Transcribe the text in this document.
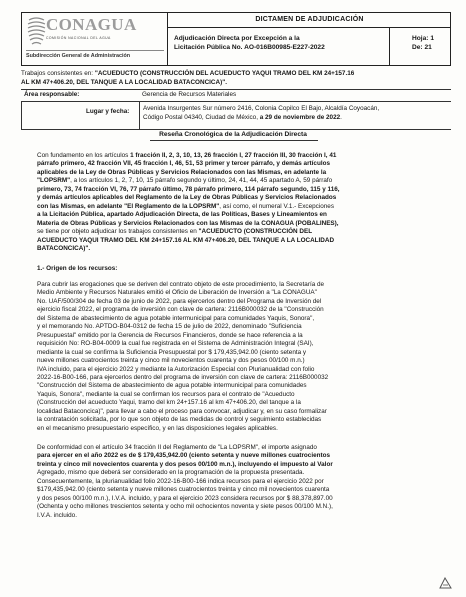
CONAGUA
COMISIÓN NACIONAL DEL AGUA
Subdirección General de Administración
DICTAMEN DE ADJUDICACIÓN
Adjudicación Directa por Excepción a la
Licitación Pública No. AO-016B00985-E227-2022
Hoja: 1
De: 21
Trabajos consistentes en: "ACUEDUCTO (CONSTRUCCIÓN DEL ACUEDUCTO YAQUI TRAMO DEL KM 24+157.16
AL KM 47+406.20, DEL TANQUE A LA LOCALIDAD BATACONCICA)".
Área responsable:	Gerencia de Recursos Materiales
Lugar y fecha: Avenida Insurgentes Sur número 2416, Colonia Copilco El Bajo, Alcaldía Coyoacán,
Código Postal 04340, Ciudad de México, a 29 de noviembre de 2022.
Reseña Cronológica de la Adjudicación Directa
Con fundamento en los artículos 1 fracción II, 2, 3, 10, 13, 26 fracción I, 27 fracción III, 30 fracción I, 41
párrafo primero, 42 fracción VII, 45 fracción I, 46, 51, 53 primer y tercer párrafo, y demás artículos
aplicables de la Ley de Obras Públicas y Servicios Relacionados con las Mismas, en adelante la
"LOPSRM", a los artículos 1, 2, 7, 10, 15 párrafo segundo y último, 24, 41, 44, 45 apartado A, 59 párrafo
primero, 73, 74 fracción VI, 76, 77 párrafo último, 78 párrafo primero, 114 párrafo segundo, 115 y 116,
y demás artículos aplicables del Reglamento de la Ley de Obras Públicas y Servicios Relacionados
con las Mismas, en adelante "El Reglamento de la LOPSRM", así como, el numeral V.1.- Excepciones
a la Licitación Pública, apartado Adjudicación Directa, de las Políticas, Bases y Lineamientos en
Materia de Obras Públicas y Servicios Relacionados con las Mismas de la CONAGUA (POBALINES),
se tiene por objeto adjudicar los trabajos consistentes en "ACUEDUCTO (CONSTRUCCIÓN DEL
ACUEDUCTO YAQUI TRAMO DEL KM 24+157.16 AL KM 47+406.20, DEL TANQUE A LA LOCALIDAD
BATACONCICA)".
1.- Origen de los recursos:
Para cubrir las erogaciones que se deriven del contrato objeto de este procedimiento, la Secretaría de
Medio Ambiente y Recursos Naturales emitió el Oficio de Liberación de Inversión a "La CONAGUA"
No. UAF/500/304 de fecha 03 de junio de 2022, para ejercerlos dentro del Programa de Inversión del
ejercicio fiscal 2022, el programa de inversión con clave de cartera: 2116B000032 de la "Construcción
del Sistema de abastecimiento de agua potable intermunicipal para comunidades Yaquis, Sonora",
y el memorando No. APTDO-B04-0312 de fecha 15 de julio de 2022, denominado "Suficiencia
Presupuestal" emitido por la Gerencia de Recursos Financieros, donde se hace referencia a la
requisición No: RO-B04-0009 la cual fue registrada en el Sistema de Administración Integral (SAI),
mediante la cual se confirma la Suficiencia Presupuestal por $ 179,435,942.00 (ciento setenta y
nueve millones cuatrocientos treinta y cinco mil novecientos cuarenta y dos pesos 00/100 m.n.)
IVA incluido, para el ejercicio 2022 y mediante la Autorización Especial con Plurianualidad con folio
2022-16-B00-166, para ejercerlos dentro del programa de inversión con clave de cartera: 2116B000032
"Construcción del Sistema de abastecimiento de agua potable intermunicipal para comunidades
Yaquis, Sonora", mediante la cual se confirman los recursos para el contrato de "Acueducto
(Construcción del acueducto Yaqui, tramo del km 24+157.16 al km 47+406.20, del tanque a la
localidad Bataconcica)", para llevar a cabo el proceso para convocar, adjudicar y, en su caso formalizar
la contratación solicitada, por lo que son objeto de las medidas de control y seguimiento establecidas
en el mecanismo presupuestario específico, y en las disposiciones legales aplicables.
De conformidad con el artículo 34 fracción II del Reglamento de "La LOPSRM", el importe asignado
para ejercer en el año 2022 es de $ 179,435,942.00 (ciento setenta y nueve millones cuatrocientos
treinta y cinco mil novecientos cuarenta y dos pesos 00/100 m.n.), incluyendo el impuesto al Valor
Agregado, mismo que deberá ser considerado en la programación de la propuesta presentada.
Consecuentemente, la plurianualidad folio 2022-16-B00-166 indica recursos para el ejercicio 2022 por
$179,435,942.00 (ciento setenta y nueve millones cuatrocientos treinta y cinco mil novecientos cuarenta
y dos pesos 00/100 m.n.), I.V.A. incluido, y para el ejercicio 2023 considera recursos por $ 88,378,897.00
(Ochenta y ocho millones trescientos setenta y ocho mil ochocientos noventa y siete pesos 00/100 M.N.),
I.V.A. incluido.
